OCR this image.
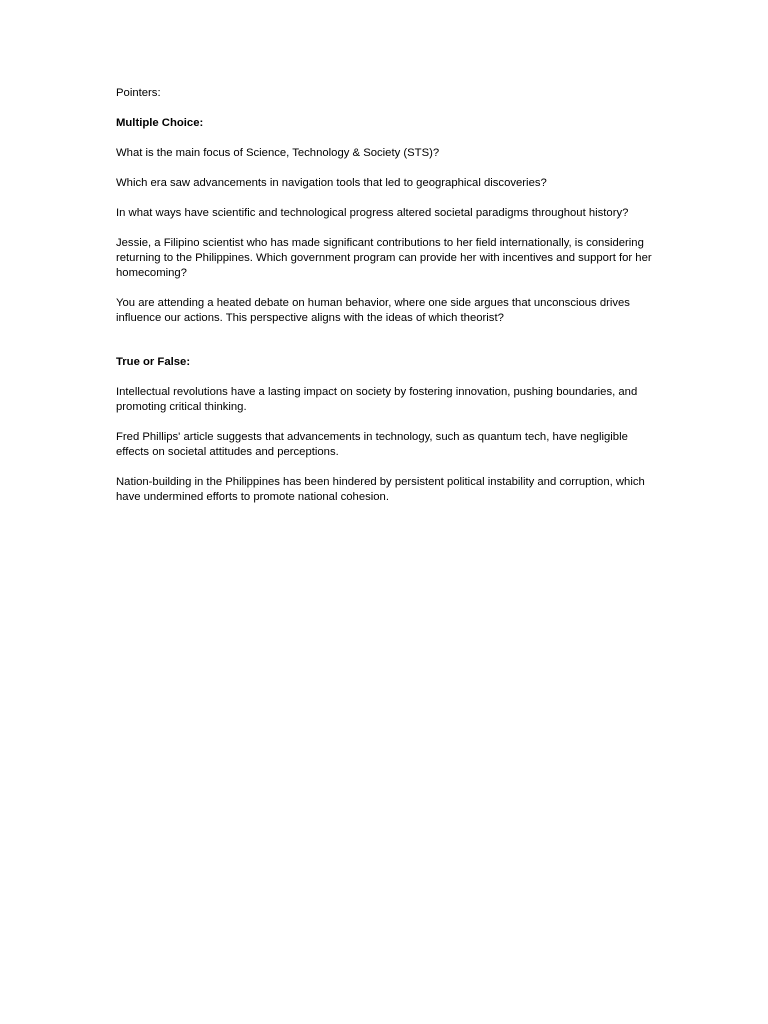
Pointers:

Multiple Choice:

What is the main focus of Science, Technology & Society (STS)?

Which era saw advancements in navigation tools that led to geographical discoveries?

In what ways have scientific and technological progress altered societal paradigms throughout history?

Jessie, a Filipino scientist who has made significant contributions to her field internationally, is considering returning to the Philippines. Which government program can provide her with incentives and support for her homecoming?

You are attending a heated debate on human behavior, where one side argues that unconscious drives influence our actions. This perspective aligns with the ideas of which theorist?

True or False:

Intellectual revolutions have a lasting impact on society by fostering innovation, pushing boundaries, and promoting critical thinking.

Fred Phillips' article suggests that advancements in technology, such as quantum tech, have negligible effects on societal attitudes and perceptions.

Nation-building in the Philippines has been hindered by persistent political instability and corruption, which have undermined efforts to promote national cohesion.
